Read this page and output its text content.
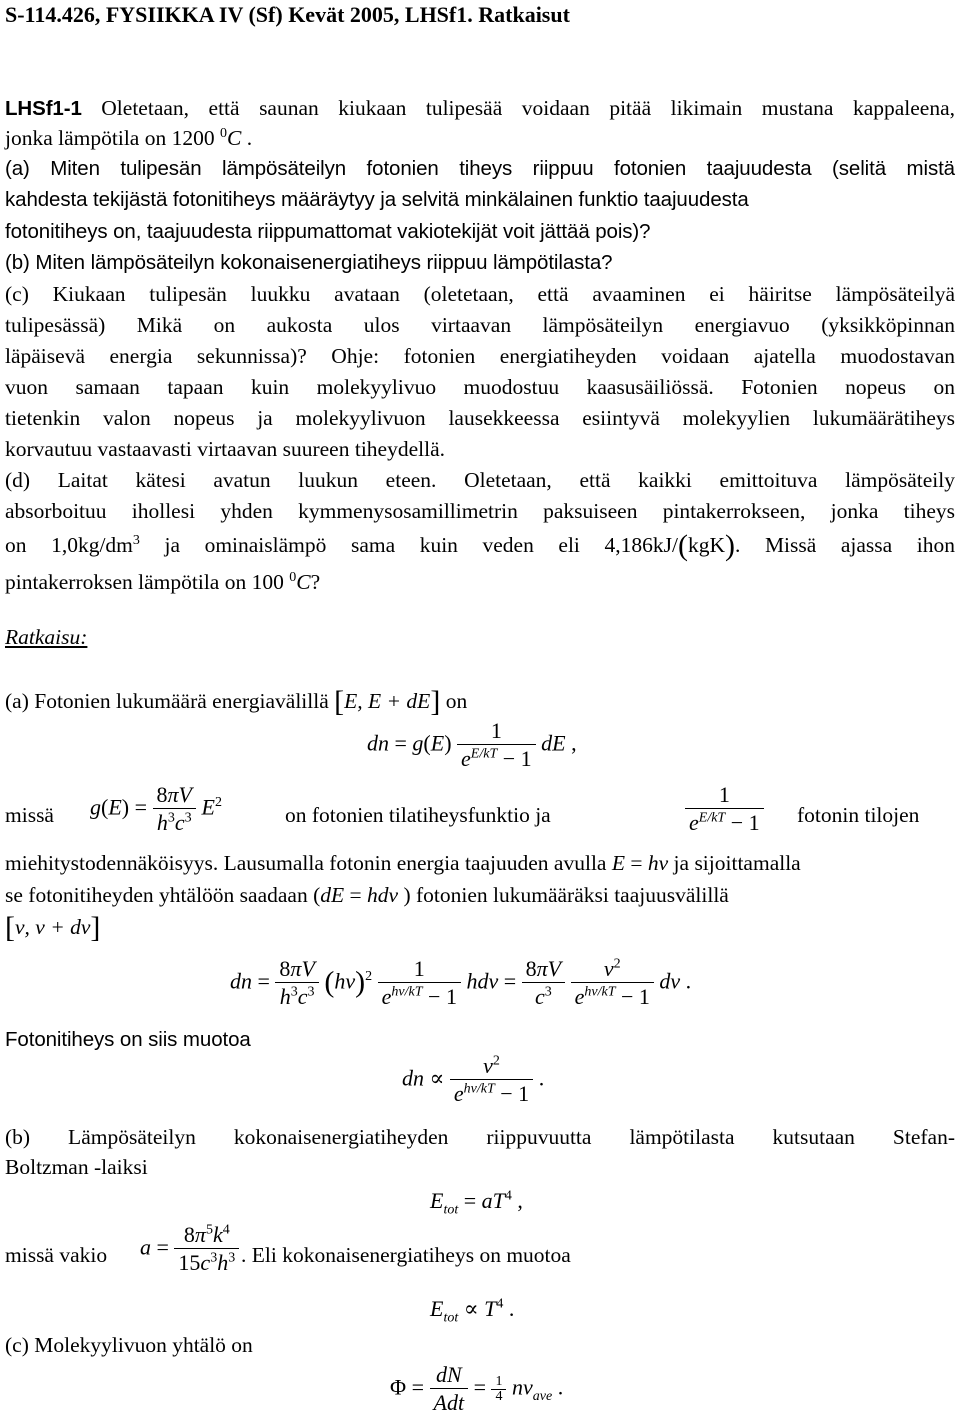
S-114.426, FYSIIKKA IV (Sf) Kevät 2005, LHSf1. Ratkaisut
LHSf1-1 Oletetaan, että saunan kiukaan tulipesää voidaan pitää likimain mustana kappaleena,
jonka lämpötila on 1200 $^0$C .
(a) Miten tulipesän lämpösäteilyn fotonien tiheys riippuu fotonien taajuudesta (selitä mistä
kahdesta tekijästä fotonitiheys määräytyy ja selvitä minkälainen funktio taajuudesta
fotonitiheys on, taajuudesta riippumattomat vakiotekijät voit jättää pois)?
(b) Miten lämpösäteilyn kokonaisenergiatiheys riippuu lämpötilasta?
(c) Kiukaan tulipesän luukku avataan (oletetaan, että avaaminen ei häiritse lämpösäteilyä
tulipesässä) Mikä on aukosta ulos virtaavan lämpösäteilyn energiavuo (yksikköpinnan
läpäisevä energia sekunnissa)? Ohje: fotonien energiatiheyden voidaan ajatella muodostavan
vuon samaan tapaan kuin molekyylivuo muodostuu kaasusäiliössä. Fotonien nopeus on
tietenkin valon nopeus ja molekyylivuon lausekkeessa esiintyvä molekyylien lukumäärätiheys
korvautuu vastaavasti virtaavan suureen tiheydellä.
(d) Laitat kätesi avatun luukun eteen. Oletetaan, että kaikki emittoituva lämpösäteily
absorboituu ihollesi yhden kymmenysosamillimetrin paksuiseen pintakerrokseen, jonka tiheys
on $1,0kg/dm^3$ ja ominaislämpö sama kuin veden eli 4,186kJ/(kgK). Missä ajassa ihon
pintakerroksen lämpötila on 100 $^0$C?
Ratkaisu:
(a) Fotonien lukumäärä energiavälillä [E, E + dE] on
dn = $g(E) \frac{1}{e^{E/kT} - 1}$ dE ,
missä	$g(E) = \frac{8\pi V}{h^3c^3} E^2$
on fotonien tilatiheysfunktio ja	$\frac{1}{e^{E/kT} - 1}$ fotonin tilojen
miehitystodennäköisyys. Lausumalla fotonin energia taajuuden avulla E = hν ja sijoittamalla
se fotonitiheyden yhtälöön saadaan (dE = hdν ) fotonien lukumääräksi taajuusvälillä
[ν, ν + dν]
dn = $\frac{8\pi V}{h^3c^3} (h\nu)^2 \frac{1}{e^{h\nu/kT} - 1}$ $hd\nu = \frac{8\pi V}{c^3}$
$\frac{\nu^2}{e^{h\nu/kT} - 1}$ dν .
Fotonitiheys on siis muotoa
dn ∝ $\frac{\nu^2}{e^{h\nu/kT} - 1}$ .
(b) Lämpösäteilyn kokonaisenergiatiheyden riippuvuutta lämpötilasta kutsutaan Stefan-
Boltzman -laiksi
$E_{tot} = aT^4$ ,
missä vakio	$a = \frac{8\pi^5k^4}{15c^3h^3}$ . Eli kokonaisenergiatiheys on muotoa
$E_{tot} \propto T^4$ .
(c) Molekyylivuon yhtälö on
$\Phi = \frac{dN}{\text{Adt}} = \frac{1}{4} nv_{ave}$ .
